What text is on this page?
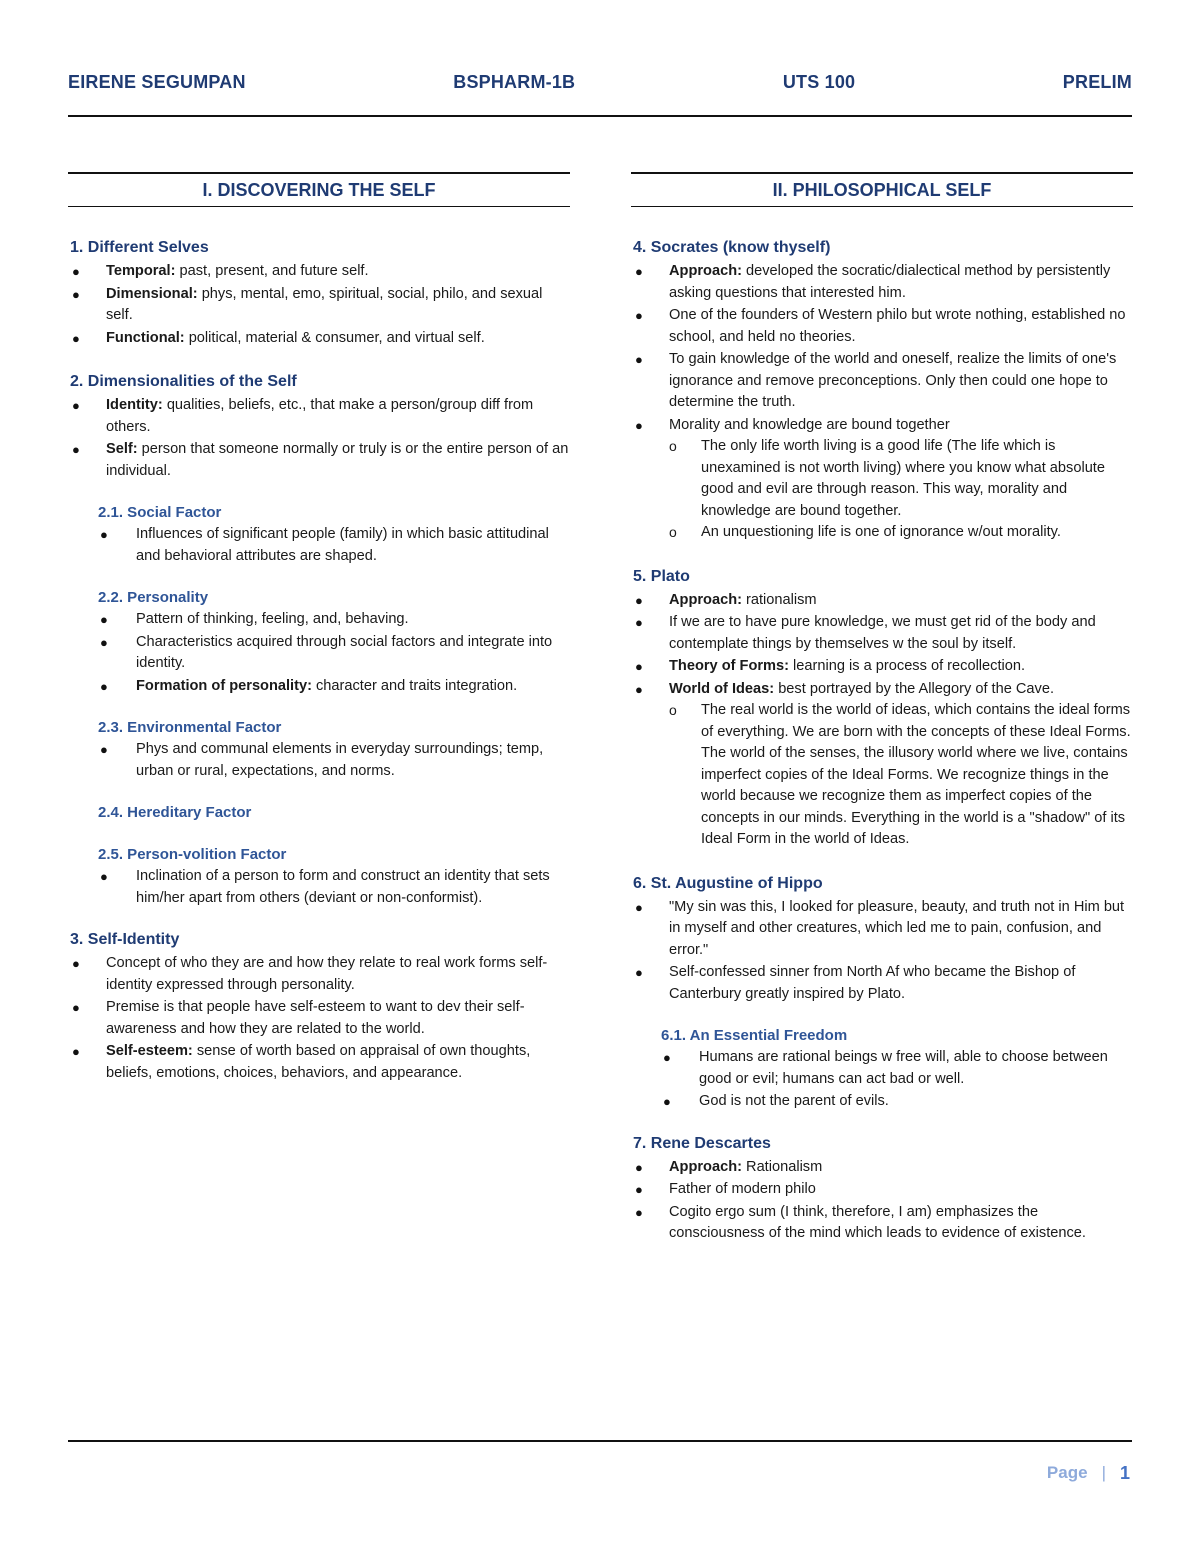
EIRENE SEGUMPAN	BSPHARM-1B	UTS 100	PRELIM
I. DISCOVERING THE SELF
1. Different Selves
● Temporal: past, present, and future self.
● Dimensional: phys, mental, emo, spiritual, social, philo, and sexual self.
● Functional: political, material & consumer, and virtual self.
2. Dimensionalities of the Self
● Identity: qualities, beliefs, etc., that make a person/group diff from others.
● Self: person that someone normally or truly is or the entire person of an individual.
2.1. Social Factor
● Influences of significant people (family) in which basic attitudinal and behavioral attributes are shaped.
2.2. Personality
● Pattern of thinking, feeling, and, behaving.
● Characteristics acquired through social factors and integrate into identity.
● Formation of personality: character and traits integration.
2.3. Environmental Factor
● Phys and communal elements in everyday surroundings; temp, urban or rural, expectations, and norms.
2.4. Hereditary Factor
2.5. Person-volition Factor
● Inclination of a person to form and construct an identity that sets him/her apart from others (deviant or non-conformist).
3. Self-Identity
● Concept of who they are and how they relate to real work forms self-identity expressed through personality.
● Premise is that people have self-esteem to want to dev their self-awareness and how they are related to the world.
● Self-esteem: sense of worth based on appraisal of own thoughts, beliefs, emotions, choices, behaviors, and appearance.
II. PHILOSOPHICAL SELF
4. Socrates (know thyself)
● Approach: developed the socratic/dialectical method by persistently asking questions that interested him.
● One of the founders of Western philo but wrote nothing, established no school, and held no theories.
● To gain knowledge of the world and oneself, realize the limits of one's ignorance and remove preconceptions. Only then could one hope to determine the truth.
● Morality and knowledge are bound together
o The only life worth living is a good life (The life which is unexamined is not worth living) where you know what absolute good and evil are through reason. This way, morality and knowledge are bound together.
o An unquestioning life is one of ignorance w/out morality.
5. Plato
● Approach: rationalism
● If we are to have pure knowledge, we must get rid of the body and contemplate things by themselves w the soul by itself.
● Theory of Forms: learning is a process of recollection.
● World of Ideas: best portrayed by the Allegory of the Cave.
o The real world is the world of ideas, which contains the ideal forms of everything. We are born with the concepts of these Ideal Forms. The world of the senses, the illusory world where we live, contains imperfect copies of the Ideal Forms. We recognize things in the world because we recognize them as imperfect copies of the concepts in our minds. Everything in the world is a "shadow" of its Ideal Form in the world of Ideas.
6. St. Augustine of Hippo
● "My sin was this, I looked for pleasure, beauty, and truth not in Him but in myself and other creatures, which led me to pain, confusion, and error."
● Self-confessed sinner from North Af who became the Bishop of Canterbury greatly inspired by Plato.
6.1. An Essential Freedom
● Humans are rational beings w free will, able to choose between good or evil; humans can act bad or well.
● God is not the parent of evils.
7. Rene Descartes
● Approach: Rationalism
● Father of modern philo
● Cogito ergo sum (I think, therefore, I am) emphasizes the consciousness of the mind which leads to evidence of existence.
Page | 1
